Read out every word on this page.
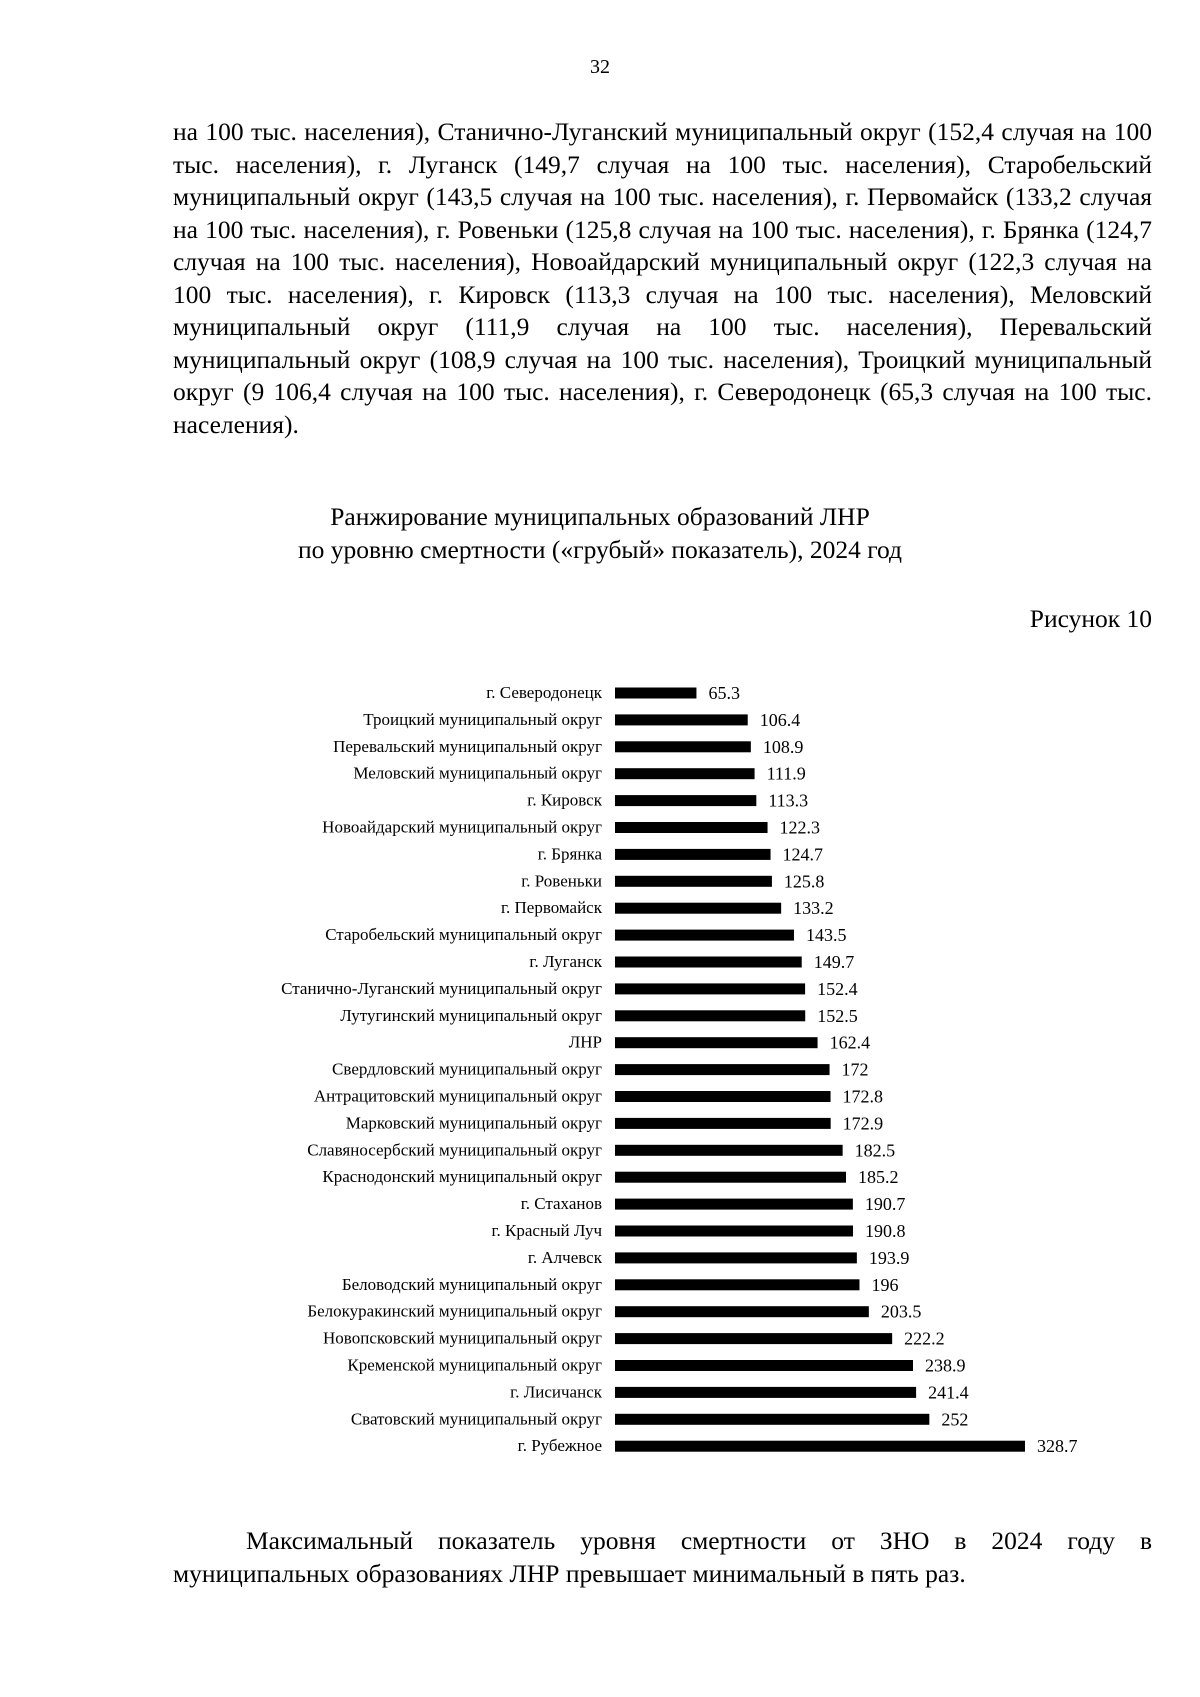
32

на 100 тыс. населения), Станично-Луганский муниципальный округ (152,4 случая на 100 тыс. населения), г. Луганск (149,7 случая на 100 тыс. населения), Старобельский муниципальный округ (143,5 случая на 100 тыс. населения), г. Первомайск (133,2 случая на 100 тыс. населения), г. Ровеньки (125,8 случая на 100 тыс. населения), г. Брянка (124,7 случая на 100 тыс. населения), Новоайдарский муниципальный округ (122,3 случая на 100 тыс. населения), г. Кировск (113,3 случая на 100 тыс. населения), Меловский муниципальный округ (111,9 случая на 100 тыс. населения), Перевальский муниципальный округ (108,9 случая на 100 тыс. населения), Троицкий муниципальный округ (9 106,4 случая на 100 тыс. населения), г. Северодонецк (65,3 случая на 100 тыс. населения).

Ранжирование муниципальных образований ЛНР
по уровню смертности («грубый» показатель), 2024 год
Рисунок 10
г. Северодонецк	65.3
Троицкий муниципальный округ	106.4
Перевальский муниципальный округ	108.9
Меловский муниципальный округ	111.9
г. Кировск	113.3
Новоайдарский муниципальный округ	122.3
г. Брянка	124.7
г. Ровеньки	125.8
г. Первомайск	133.2
Старобельский муниципальный округ	143.5
г. Луганск	149.7
Станично-Луганский муниципальный округ	152.4
Лутугинский муниципальный округ	152.5
ЛНР	162.4
Свердловский муниципальный округ	172
Антрацитовский муниципальный округ	172.8
Марковский муниципальный округ	172.9
Славяносербский муниципальный округ	182.5
Краснодонский муниципальный округ	185.2
г. Стаханов	190.7
г. Красный Луч	190.8
г. Алчевск	193.9
Беловодский муниципальный округ	196
Белокуракинский муниципальный округ	203.5
Новопсковский муниципальный округ	222.2
Кременской муниципальный округ	238.9
г. Лисичанск	241.4
Сватовский муниципальный округ	252
г. Рубежное	328.7

Максимальный показатель уровня смертности от ЗНО в 2024 году в муниципальных образованиях ЛНР превышает минимальный в пять раз.
